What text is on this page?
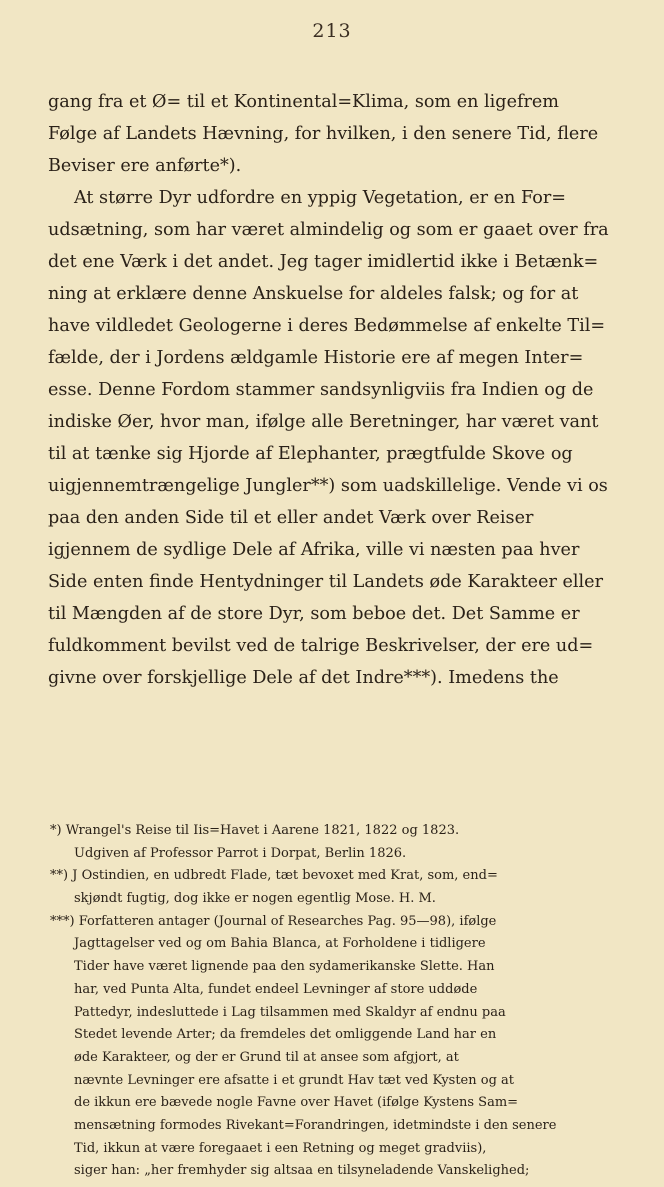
213
gang fra et Ø= til et Kontinental=Klima, som en ligefrem
Følge af Landets Hævning, for hvilken, i den senere Tid, flere
Beviser ere anførte*).
At større Dyr udfordre en yppig Vegetation, er en For=
udsætning, som har været almindelig og som er gaaet over fra
det ene Værk i det andet. Jeg tager imidlertid ikke i Betænk=
ning at erklære denne Anskuelse for aldeles falsk; og for at
have vildledet Geologerne i deres Bedømmelse af enkelte Til=
fælde, der i Jordens ældgamle Historie ere af megen Inter=
esse. Denne Fordom stammer sandsynligviis fra Indien og de
indiske Øer, hvor man, ifølge alle Beretninger, har været vant
til at tænke sig Hjorde af Elephanter, prægtfulde Skove og
uigjennemtrængelige Jungler**) som uadskillelige. Vende vi os
paa den anden Side til et eller andet Værk over Reiser
igjennem de sydlige Dele af Afrika, ville vi næsten paa hver
Side enten finde Hentydninger til Landets øde Karakteer eller
til Mængden af de store Dyr, som beboe det. Det Samme er
fuldkomment bevilst ved de talrige Beskrivelser, der ere ud=
givne over forskjellige Dele af det Indre***). Imedens the
*) Wrangel's Reise til Iis=Havet i Aarene 1821, 1822 og 1823.
Udgiven af Professor Parrot i Dorpat, Berlin 1826.
**) J Ostindien, en udbredt Flade, tæt bevoxet med Krat, som, end=
skjøndt fugtig, dog ikke er nogen egentlig Mose. H. M.
***) Forfatteren antager (Journal of Researches Pag. 95—98), ifølge
Jagttagelser ved og om Bahia Blanca, at Forholdene i tidligere
Tider have været lignende paa den sydamerikanske Slette. Han
har, ved Punta Alta, fundet endeel Levninger af store uddøde
Pattedyr, indesluttede i Lag tilsammen med Skaldyr af endnu paa
Stedet levende Arter; da fremdeles det omliggende Land har en
øde Karakteer, og der er Grund til at ansee som afgjort, at
nævnte Levninger ere afsatte i et grundt Hav tæt ved Kysten og at
de ikkun ere bævede nogle Favne over Havet (ifølge Kystens Sam=
mensætning formodes Rivekant=Forandringen, idetmindste i den senere
Tid, ikkun at være foregaaet i een Retning og meget gradviis),
siger han: „her fremhyder sig altsaa en tilsyneladende Vanskelighed;
